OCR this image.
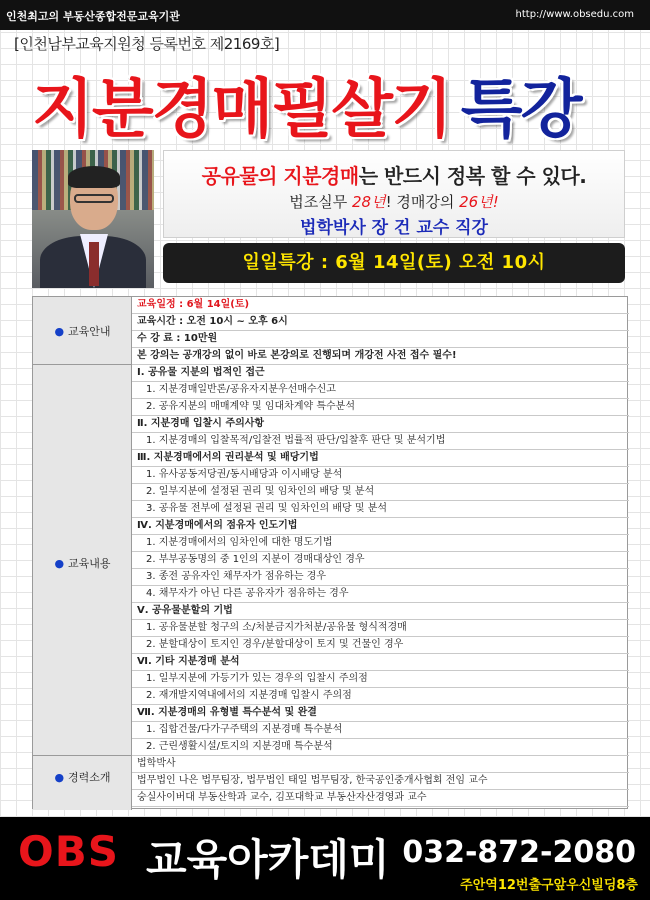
인천최고의 부동산종합전문교육기관	http://www.obsedu.com
[인천남부교육지원청 등록번호 제2169호]
지분경매필살기 특강
공유물의 지분경매는 반드시 정복 할 수 있다.
법조실무 28년! 경매강의 26년!
법학박사 장 건 교수 직강
일일특강 : 6월 14일(토) 오전 10시
● 교육안내
교육일정 : 6월 14일(토)
교육시간 : 오전 10시 ~ 오후 6시
수 강 료 : 10만원
본 강의는 공개강의 없이 바로 본강의로 진행되며 개강전 사전 접수 필수!
● 교육내용
Ⅰ. 공유물 지분의 법적인 접근
1. 지분경매일반론/공유자지분우선매수신고
2. 공유지분의 매매계약 및 임대차계약 특수분석
Ⅱ. 지분경매 입찰시 주의사항
1. 지분경매의 입찰목적/입찰전 법률적 판단/입찰후 판단 및 분석기법
Ⅲ. 지분경매에서의 권리분석 및 배당기법
1. 유사공동저당권/동시배당과 이시배당 분석
2. 일부지분에 설정된 권리 및 임차인의 배당 및 분석
3. 공유물 전부에 설정된 권리 및 임차인의 배당 및 분석
Ⅳ. 지분경매에서의 점유자 인도기법
1. 지분경매에서의 임차인에 대한 명도기법
2. 부부공동명의 중 1인의 지분이 경매대상인 경우
3. 종전 공유자인 채무자가 점유하는 경우
4. 채무자가 아닌 다른 공유자가 점유하는 경우
Ⅴ. 공유물분할의 기법
1. 공유물분할 청구의 소/처분금지가처분/공유물 형식적경매
2. 분할대상이 토지인 경우/분할대상이 토지 및 건물인 경우
Ⅵ. 기타 지분경매 분석
1. 일부지분에 가등기가 있는 경우의 입찰시 주의점
2. 재개발지역내에서의 지분경매 입찰시 주의점
Ⅶ. 지분경매의 유형별 특수분석 및 완결
1. 집합건물/다가구주택의 지분경매 특수분석
2. 근린생활시설/토지의 지분경매 특수분석
● 경력소개
법학박사
법무법인 나은 법무팀장, 법무법인 태일 법무팀장, 한국공인중개사협회 전임 교수
숭실사이버대 부동산학과 교수, 김포대학교 부동산자산경영과 교수
OBS 교육아카데미 032-872-2080
주안역12번출구앞우신빌딩8층
